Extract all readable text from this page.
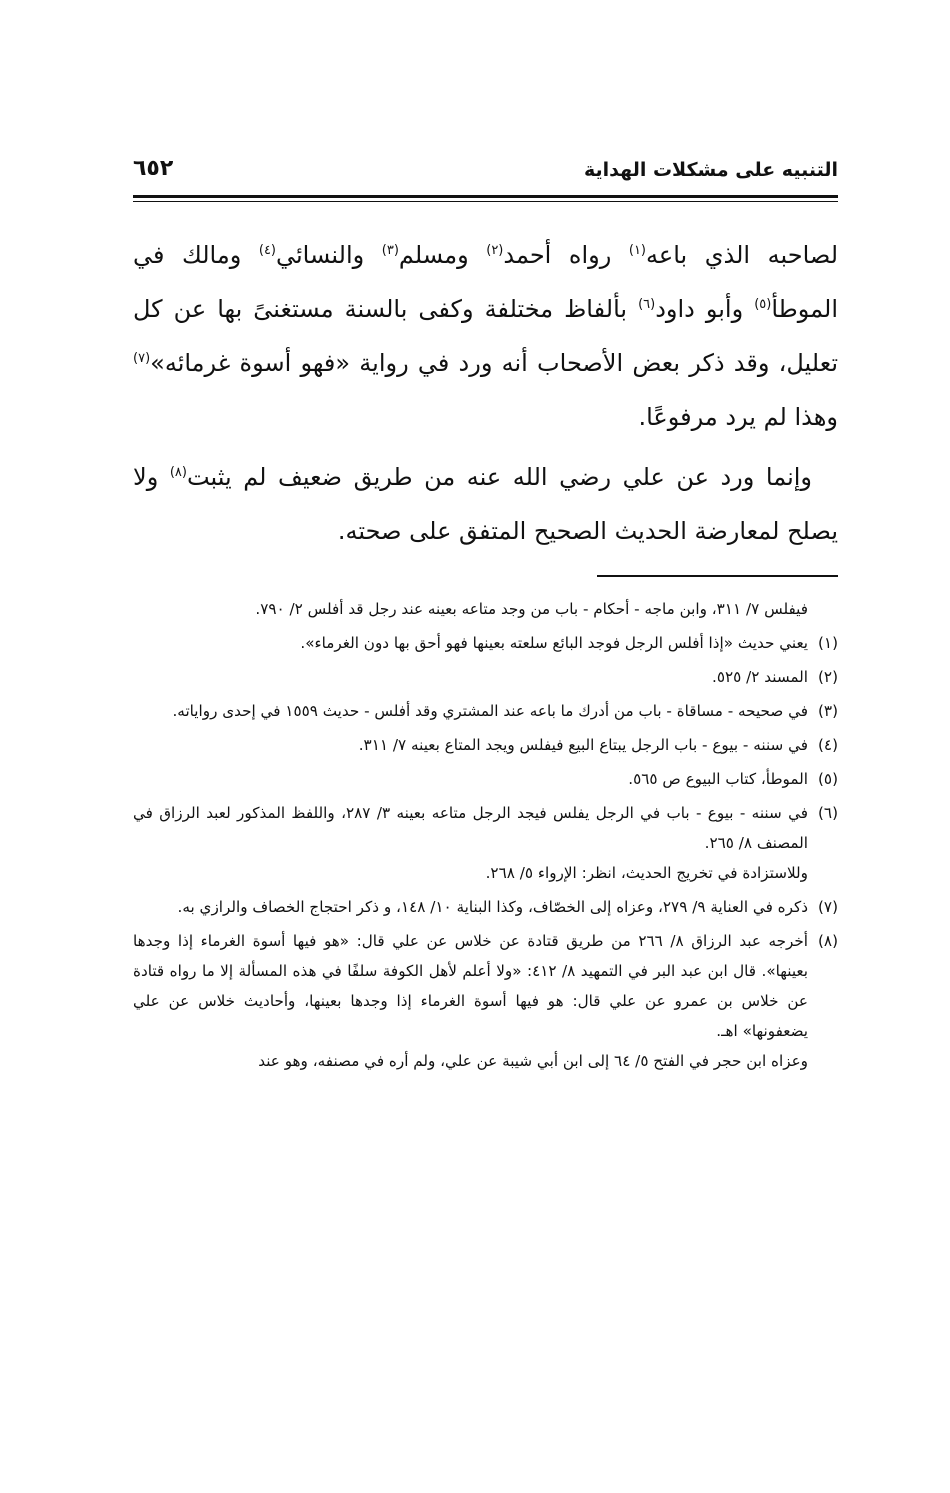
التنبيه على مشكلات الهداية
٦٥٢

لصاحبه الذي باعه$^{(١)}$ رواه أحمد$^{(٢)}$ ومسلم$^{(٣)}$ والنسائي$^{(٤)}$ ومالك في الموطأ$^{(٥)}$ وأبو داود$^{(٦)}$ بألفاظ مختلفة وكفى بالسنة مستغنىً بها عن كل تعليل، وقد ذكر بعض الأصحاب أنه ورد في رواية «فهو أسوة غرمائه»$^{(٧)}$ وهذا لم يرد مرفوعًا.

وإنما ورد عن علي رضي الله عنه من طريق ضعيف لم يثبت$^{(٨)}$ ولا يصلح لمعارضة الحديث الصحيح المتفق على صحته.

فيفلس ٧/ ٣١١، وابن ماجه - أحكام - باب من وجد متاعه بعينه عند رجل قد أفلس ٢/ ٧٩٠.

(١)

يعني حديث «إذا أفلس الرجل فوجد البائع سلعته بعينها فهو أحق بها دون الغرماء».

(٢)

المسند ٢/ ٥٢٥.

(٣)

في صحيحه - مساقاة - باب من أدرك ما باعه عند المشتري وقد أفلس - حديث ١٥٥٩ في إحدى رواياته.

(٤)

في سننه - بيوع - باب الرجل يبتاع البيع فيفلس ويجد المتاع بعينه ٧/ ٣١١.

(٥)

الموطأ، كتاب البيوع ص ٥٦٥.

(٦)

في سننه - بيوع - باب في الرجل يفلس فيجد الرجل متاعه بعينه ٣/ ٢٨٧، واللفظ المذكور لعبد الرزاق في المصنف ٨/ ٢٦٥.

وللاستزادة في تخريج الحديث، انظر: الإرواء ٥/ ٢٦٨.

(٧)

ذكره في العناية ٩/ ٢٧٩، وعزاه إلى الخصّاف، وكذا البناية ١٠/ ١٤٨، و ذكر احتجاج الخصاف والرازي به.

(٨)

أخرجه عبد الرزاق ٨/ ٢٦٦ من طريق قتادة عن خلاس عن علي قال: «هو فيها أسوة الغرماء إذا وجدها بعينها». قال ابن عبد البر في التمهيد ٨/ ٤١٢: «ولا أعلم لأهل الكوفة سلفًا في هذه المسألة إلا ما رواه قتادة عن خلاس بن عمرو عن علي قال: هو فيها أسوة الغرماء إذا وجدها بعينها، وأحاديث خلاس عن علي يضعفونها» اهـ.

وعزاه ابن حجر في الفتح ٥/ ٦٤ إلى ابن أبي شيبة عن علي، ولم أره في مصنفه، وهو عند
